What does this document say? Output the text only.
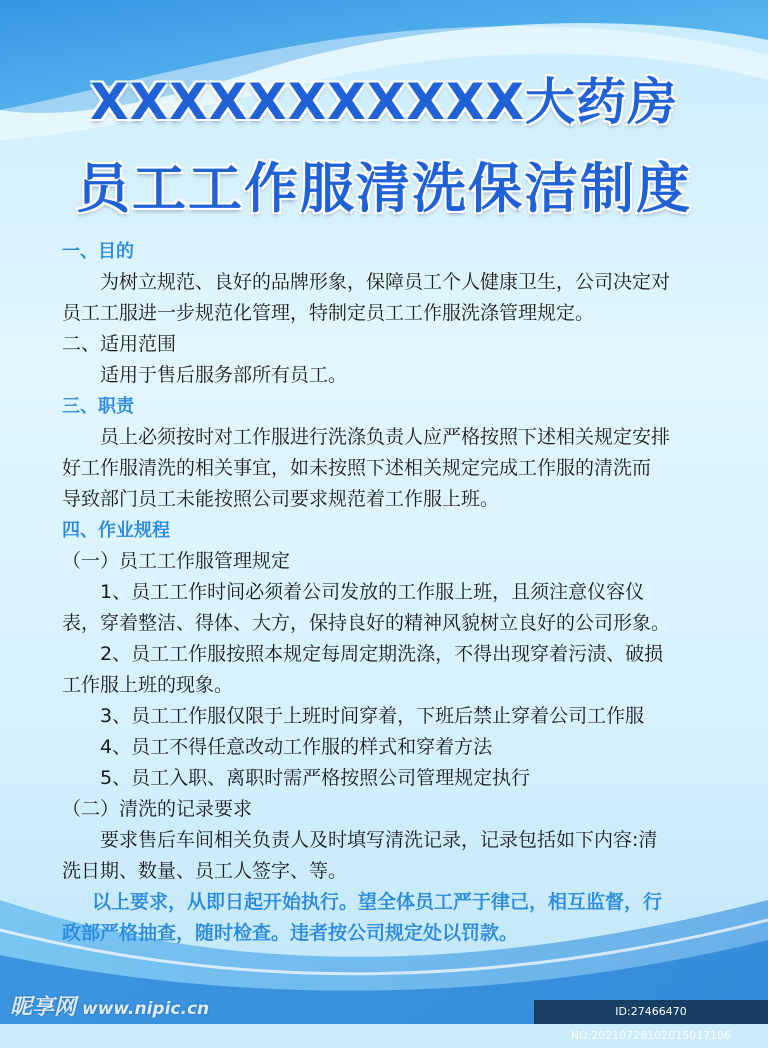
XXXXXXXXXXX大药房
员工工作服清洗保洁制度

一、目的

为树立规范、良好的品牌形象，保障员工个人健康卫生，公司决定对

员工工服进一步规范化管理，特制定员工工作服洗涤管理规定。

二、适用范围

适用于售后服务部所有员工。

三、职责

员上必须按时对工作服进行洗涤负责人应严格按照下述相关规定安排

好工作服清洗的相关事宜，如未按照下述相关规定完成工作服的清洗而

导致部门员工未能按照公司要求规范着工作服上班。

四、作业规程

（一）员工工作服管理规定

1、员工工作时间必须着公司发放的工作服上班，且须注意仪容仪

表，穿着整洁、得体、大方，保持良好的精神风貌树立良好的公司形象。

2、员工工作服按照本规定每周定期洗涤，不得出现穿着污渍、破损

工作服上班的现象。

3、员工工作服仅限于上班时间穿着，下班后禁止穿着公司工作服

4、员工不得任意改动工作服的样式和穿着方法

5、员工入职、离职时需严格按照公司管理规定执行

（二）清洗的记录要求

要求售后车间相关负责人及时填写清洗记录，记录包括如下内容:清

洗日期、数量、员工人签字、等。

以上要求，从即日起开始执行。望全体员工严于律己，相互监督，行

政部严格抽查，随时检查。违者按公司规定处以罚款。

昵享网 www.nipic.cn	ID:27466470 NO:20210728102015017106
